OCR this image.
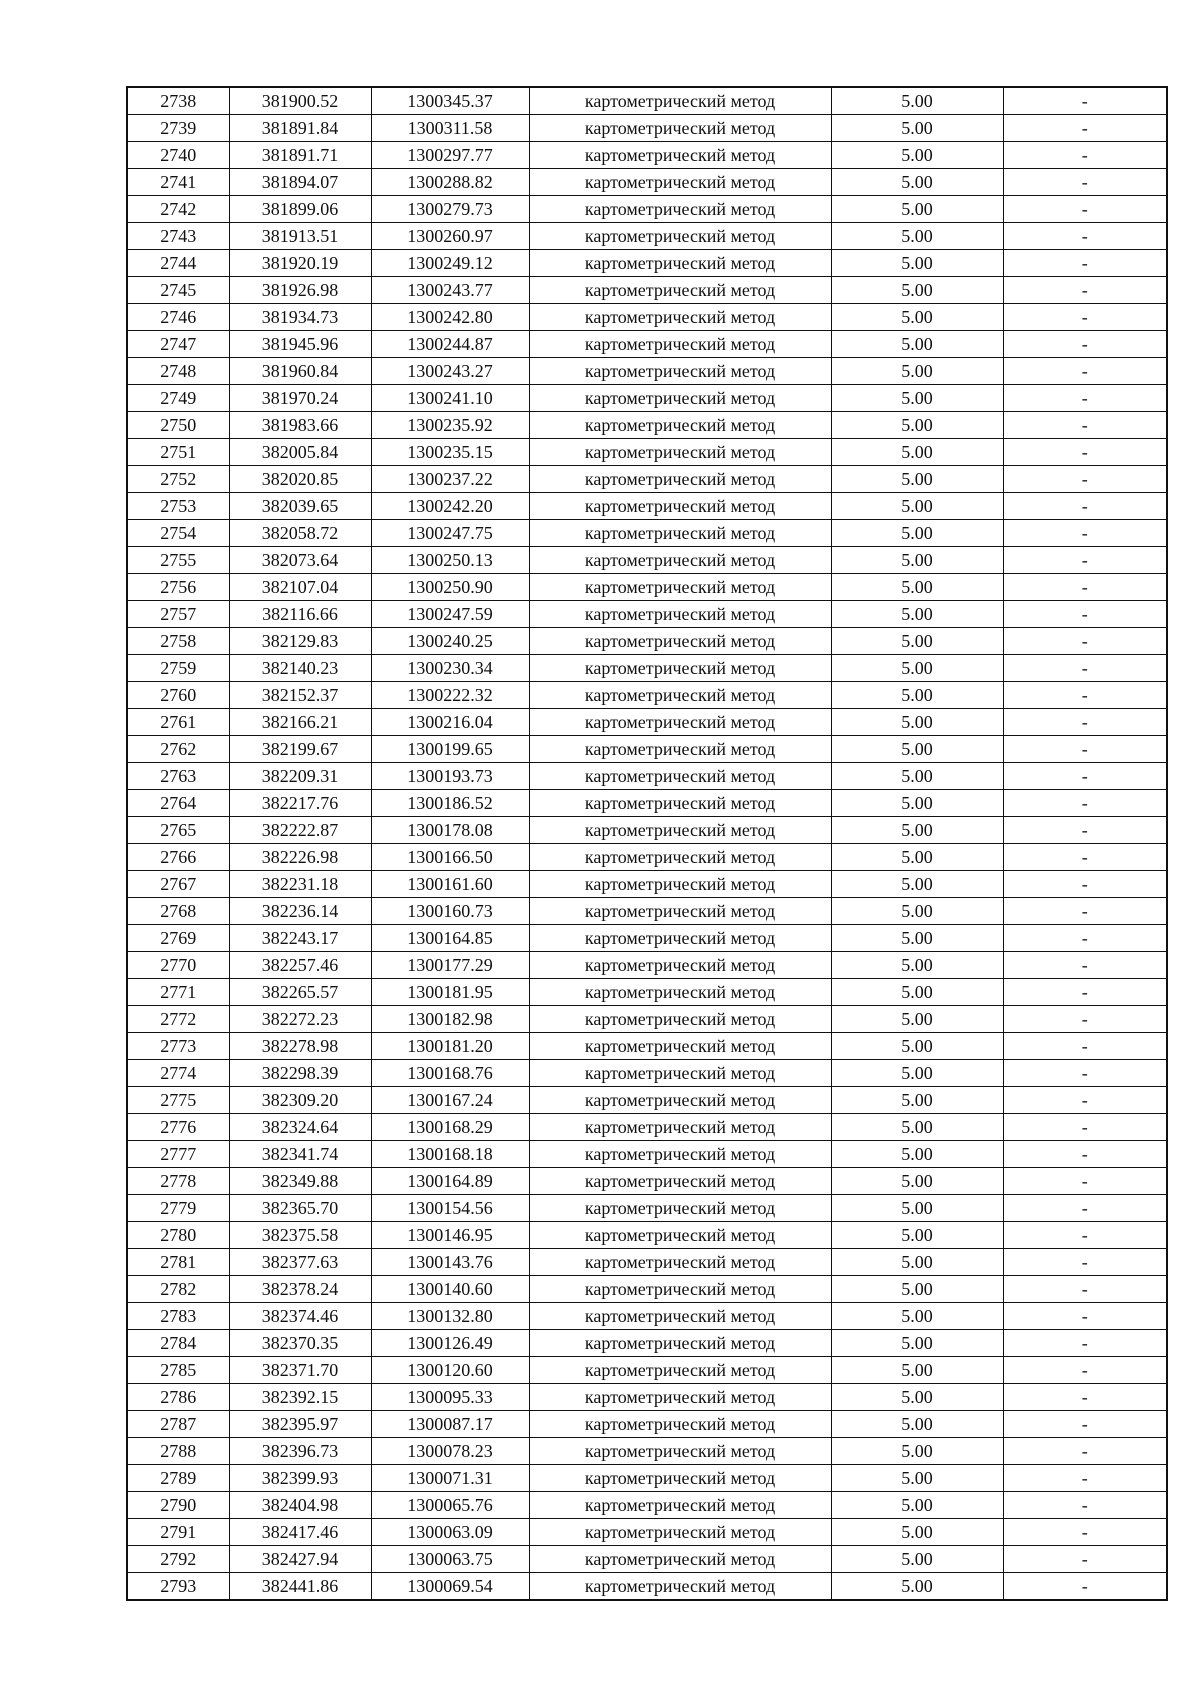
2738	381900.52	1300345.37	картометрический метод	5.00	-
2739	381891.84	1300311.58	картометрический метод	5.00	-
2740	381891.71	1300297.77	картометрический метод	5.00	-
2741	381894.07	1300288.82	картометрический метод	5.00	-
2742	381899.06	1300279.73	картометрический метод	5.00	-
2743	381913.51	1300260.97	картометрический метод	5.00	-
2744	381920.19	1300249.12	картометрический метод	5.00	-
2745	381926.98	1300243.77	картометрический метод	5.00	-
2746	381934.73	1300242.80	картометрический метод	5.00	-
2747	381945.96	1300244.87	картометрический метод	5.00	-
2748	381960.84	1300243.27	картометрический метод	5.00	-
2749	381970.24	1300241.10	картометрический метод	5.00	-
2750	381983.66	1300235.92	картометрический метод	5.00	-
2751	382005.84	1300235.15	картометрический метод	5.00	-
2752	382020.85	1300237.22	картометрический метод	5.00	-
2753	382039.65	1300242.20	картометрический метод	5.00	-
2754	382058.72	1300247.75	картометрический метод	5.00	-
2755	382073.64	1300250.13	картометрический метод	5.00	-
2756	382107.04	1300250.90	картометрический метод	5.00	-
2757	382116.66	1300247.59	картометрический метод	5.00	-
2758	382129.83	1300240.25	картометрический метод	5.00	-
2759	382140.23	1300230.34	картометрический метод	5.00	-
2760	382152.37	1300222.32	картометрический метод	5.00	-
2761	382166.21	1300216.04	картометрический метод	5.00	-
2762	382199.67	1300199.65	картометрический метод	5.00	-
2763	382209.31	1300193.73	картометрический метод	5.00	-
2764	382217.76	1300186.52	картометрический метод	5.00	-
2765	382222.87	1300178.08	картометрический метод	5.00	-
2766	382226.98	1300166.50	картометрический метод	5.00	-
2767	382231.18	1300161.60	картометрический метод	5.00	-
2768	382236.14	1300160.73	картометрический метод	5.00	-
2769	382243.17	1300164.85	картометрический метод	5.00	-
2770	382257.46	1300177.29	картометрический метод	5.00	-
2771	382265.57	1300181.95	картометрический метод	5.00	-
2772	382272.23	1300182.98	картометрический метод	5.00	-
2773	382278.98	1300181.20	картометрический метод	5.00	-
2774	382298.39	1300168.76	картометрический метод	5.00	-
2775	382309.20	1300167.24	картометрический метод	5.00	-
2776	382324.64	1300168.29	картометрический метод	5.00	-
2777	382341.74	1300168.18	картометрический метод	5.00	-
2778	382349.88	1300164.89	картометрический метод	5.00	-
2779	382365.70	1300154.56	картометрический метод	5.00	-
2780	382375.58	1300146.95	картометрический метод	5.00	-
2781	382377.63	1300143.76	картометрический метод	5.00	-
2782	382378.24	1300140.60	картометрический метод	5.00	-
2783	382374.46	1300132.80	картометрический метод	5.00	-
2784	382370.35	1300126.49	картометрический метод	5.00	-
2785	382371.70	1300120.60	картометрический метод	5.00	-
2786	382392.15	1300095.33	картометрический метод	5.00	-
2787	382395.97	1300087.17	картометрический метод	5.00	-
2788	382396.73	1300078.23	картометрический метод	5.00	-
2789	382399.93	1300071.31	картометрический метод	5.00	-
2790	382404.98	1300065.76	картометрический метод	5.00	-
2791	382417.46	1300063.09	картометрический метод	5.00	-
2792	382427.94	1300063.75	картометрический метод	5.00	-
2793	382441.86	1300069.54	картометрический метод	5.00	-
